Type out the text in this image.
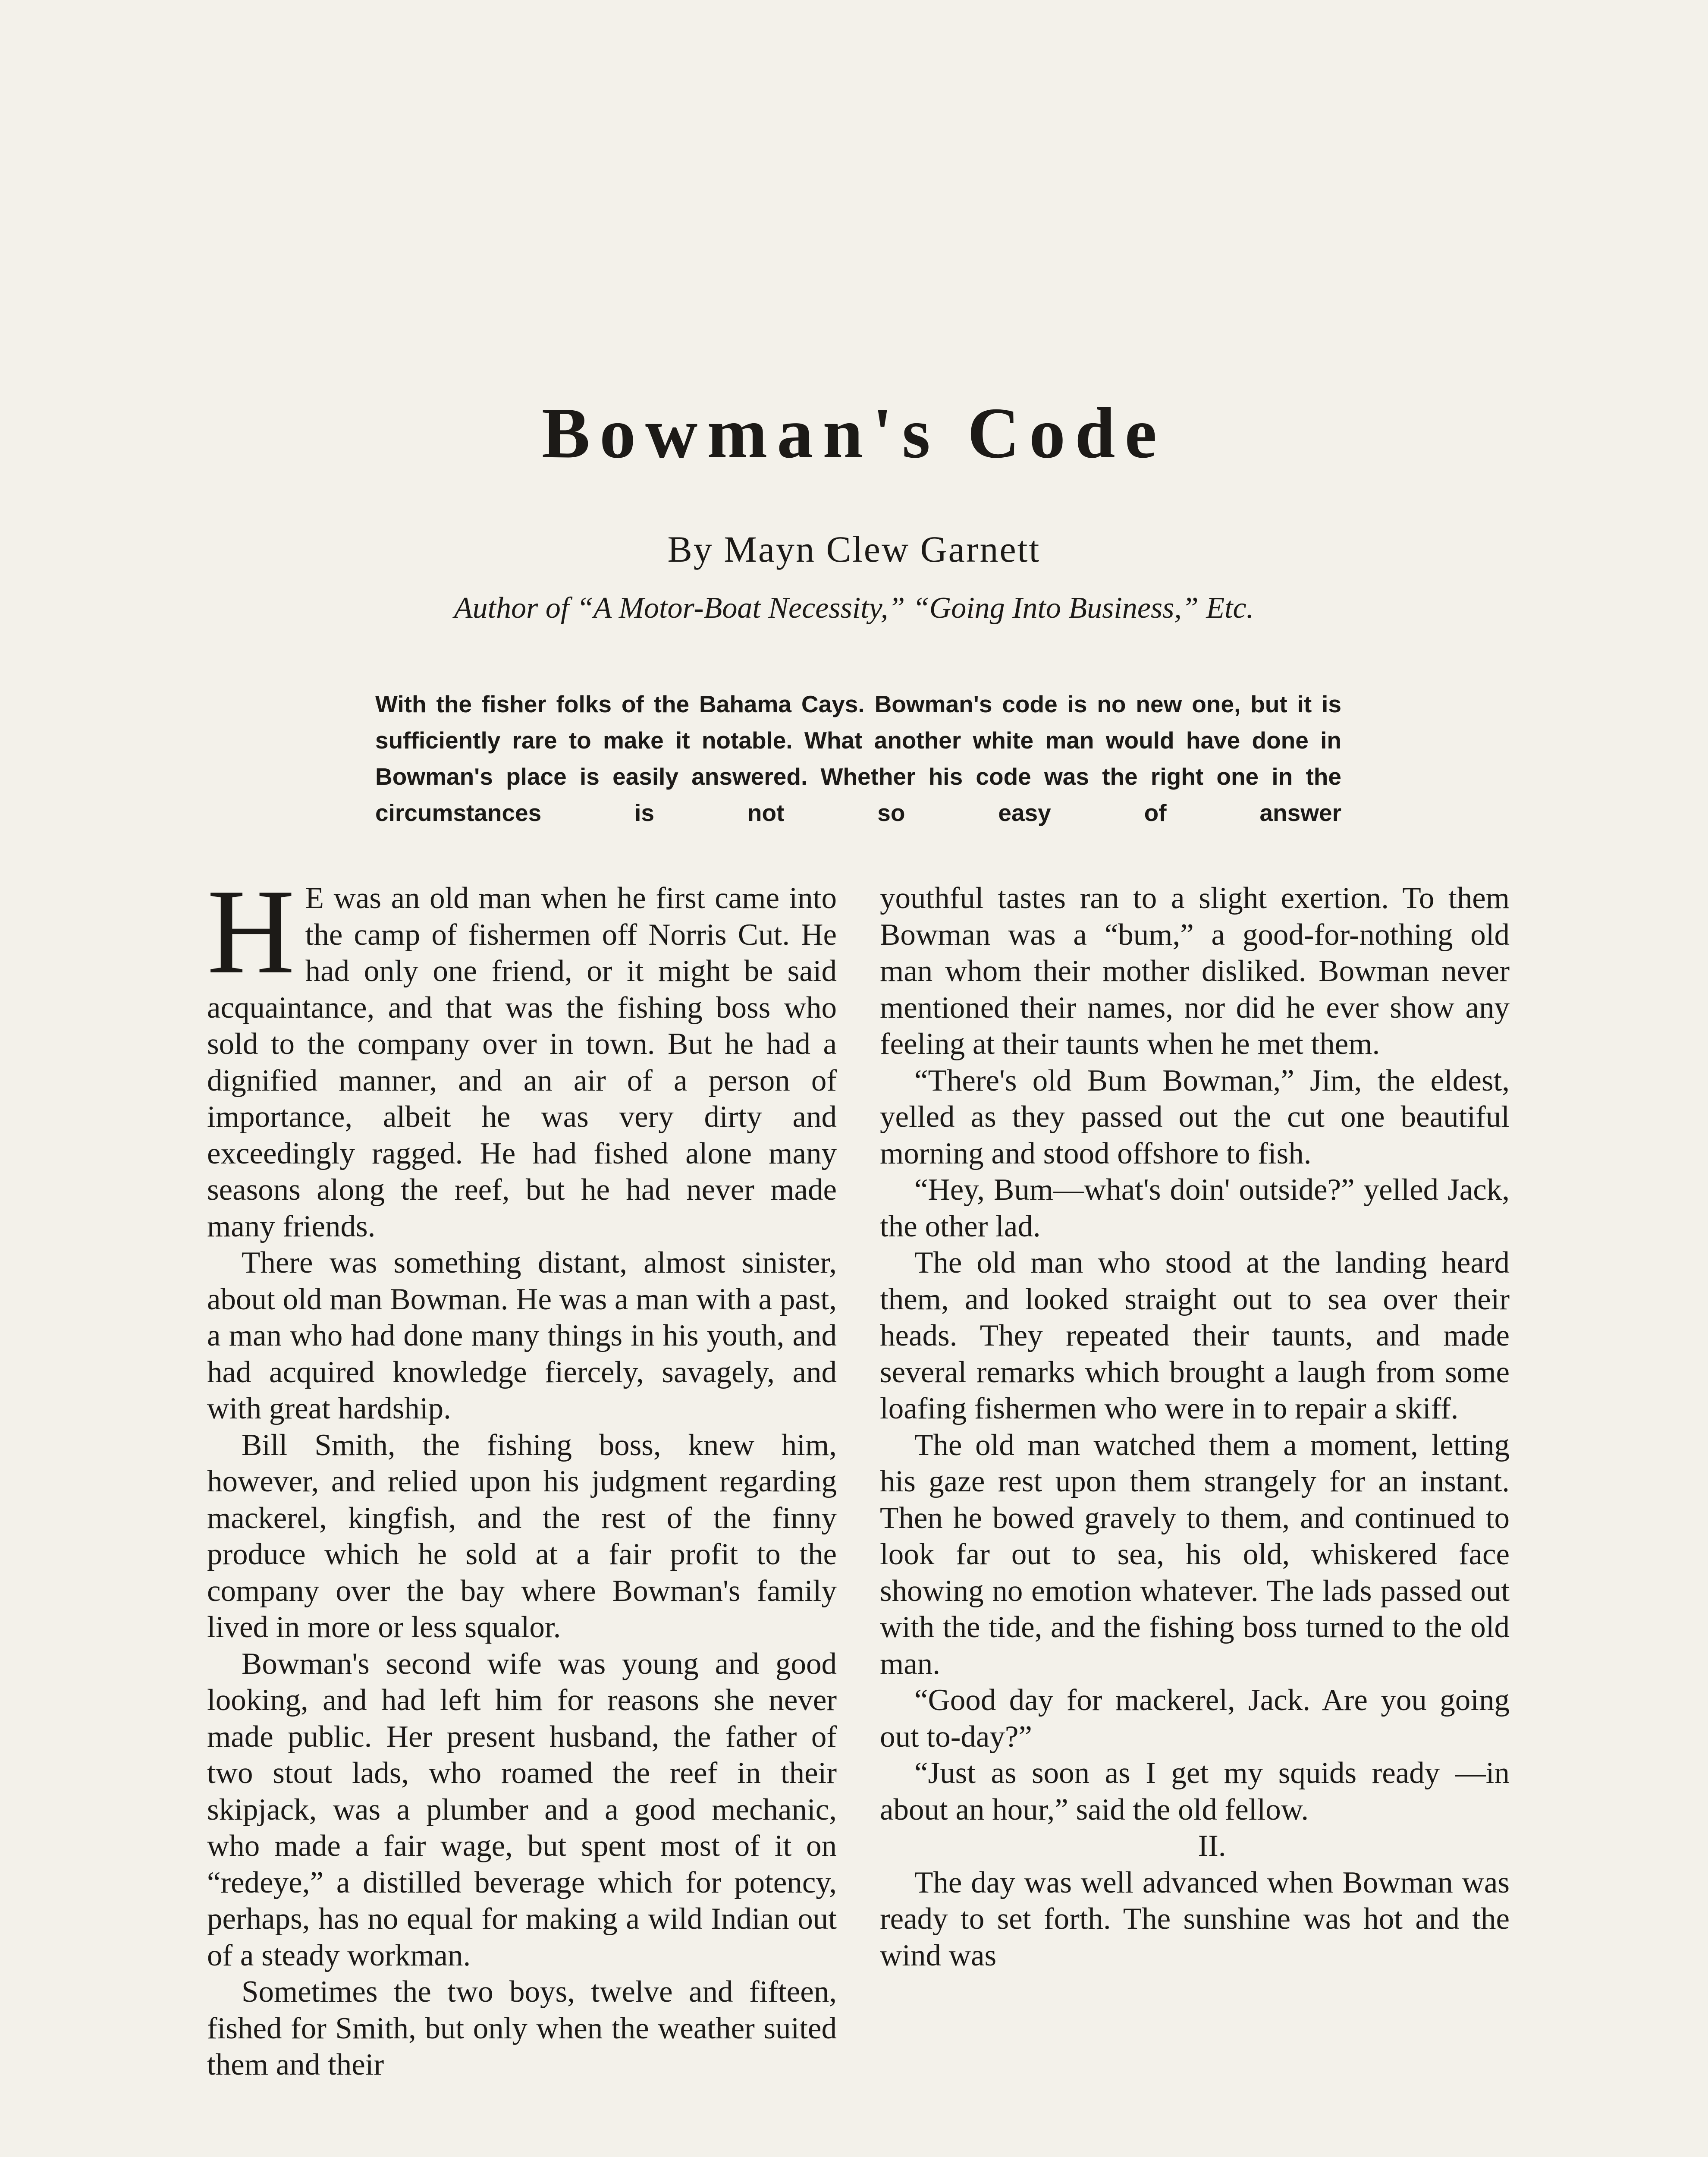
Bowman's Code
By Mayn Clew Garnett
Author of “A Motor-Boat Necessity,” “Going Into Business,” Etc.
With the fisher folks of the Bahama Cays. Bowman's code is no new one, but it is sufficiently rare to make it notable. What another white man would have done in Bowman's place is easily answered. Whether his code was the right one in the circumstances is not so easy of answer

H E was an old man when he first came into the camp of fishermen off Norris Cut. He had only one friend, or it might be said acquaintance, and that was the fishing boss who sold to the company over in town. But he had a dignified manner, and an air of a person of importance, albeit he was very dirty and exceedingly ragged. He had fished alone many seasons along the reef, but he had never made many friends.

There was something distant, almost sinister, about old man Bowman. He was a man with a past, a man who had done many things in his youth, and had acquired knowledge fiercely, savagely, and with great hardship.

Bill Smith, the fishing boss, knew him, however, and relied upon his judgment regarding mackerel, kingfish, and the rest of the finny produce which he sold at a fair profit to the company over the bay where Bowman's family lived in more or less squalor.

Bowman's second wife was young and good looking, and had left him for reasons she never made public. Her present husband, the father of two stout lads, who roamed the reef in their skipjack, was a plumber and a good mechanic, who made a fair wage, but spent most of it on “redeye,” a distilled beverage which for potency, perhaps, has no equal for making a wild Indian out of a steady workman.

Sometimes the two boys, twelve and fifteen, fished for Smith, but only when the weather suited them and their

youthful tastes ran to a slight exertion. To them Bowman was a “bum,” a good-for-nothing old man whom their mother disliked. Bowman never mentioned their names, nor did he ever show any feeling at their taunts when he met them.

“There's old Bum Bowman,” Jim, the eldest, yelled as they passed out the cut one beautiful morning and stood offshore to fish.

“Hey, Bum—what's doin' outside?” yelled Jack, the other lad.

The old man who stood at the landing heard them, and looked straight out to sea over their heads. They repeated their taunts, and made several remarks which brought a laugh from some loafing fishermen who were in to repair a skiff.

The old man watched them a moment, letting his gaze rest upon them strangely for an instant. Then he bowed gravely to them, and continued to look far out to sea, his old, whiskered face showing no emotion whatever. The lads passed out with the tide, and the fishing boss turned to the old man.

“Good day for mackerel, Jack. Are you going out to-day?”

“Just as soon as I get my squids ready —in about an hour,” said the old fellow.

II.

The day was well advanced when Bowman was ready to set forth. The sunshine was hot and the wind was
